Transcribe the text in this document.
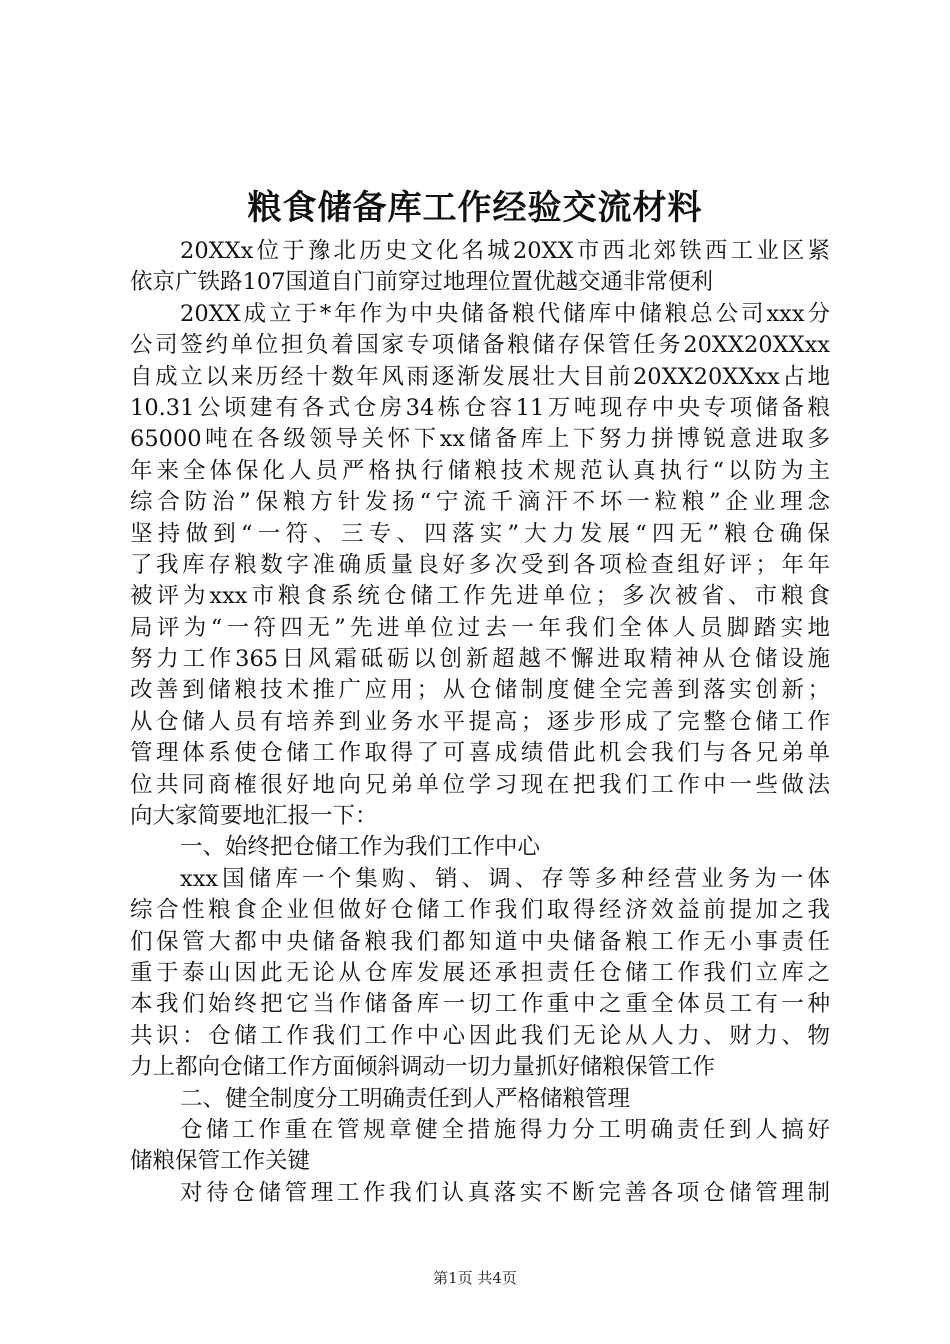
粮食储备库工作经验交流材料
20XXx位于豫北历史文化名城20XX市西北郊铁西工业区紧
依京广铁路107国道自门前穿过地理位置优越交通非常便利
20XX成立于*年作为中央储备粮代储库中储粮总公司xxx分
公司签约单位担负着国家专项储备粮储存保管任务20XX20XXxx
自成立以来历经十数年风雨逐渐发展壮大目前20XX20XXxx占地
10.31公顷建有各式仓房34栋仓容11万吨现存中央专项储备粮
65000吨在各级领导关怀下xx储备库上下努力拼博锐意进取多
年来全体保化人员严格执行储粮技术规范认真执行“以防为主
综合防治”保粮方针发扬“宁流千滴汗不坏一粒粮”企业理念
坚持做到“一符、三专、四落实”大力发展“四无”粮仓确保
了我库存粮数字准确质量良好多次受到各项检查组好评；年年
被评为xxx市粮食系统仓储工作先进单位；多次被省、市粮食
局评为“一符四无”先进单位过去一年我们全体人员脚踏实地
努力工作365日风霜砥砺以创新超越不懈进取精神从仓储设施
改善到储粮技术推广应用；从仓储制度健全完善到落实创新；
从仓储人员有培养到业务水平提高；逐步形成了完整仓储工作
管理体系使仓储工作取得了可喜成绩借此机会我们与各兄弟单
位共同商榷很好地向兄弟单位学习现在把我们工作中一些做法
向大家简要地汇报一下：
一、始终把仓储工作为我们工作中心
xxx国储库一个集购、销、调、存等多种经营业务为一体
综合性粮食企业但做好仓储工作我们取得经济效益前提加之我
们保管大都中央储备粮我们都知道中央储备粮工作无小事责任
重于泰山因此无论从仓库发展还承担责任仓储工作我们立库之
本我们始终把它当作储备库一切工作重中之重全体员工有一种
共识：仓储工作我们工作中心因此我们无论从人力、财力、物
力上都向仓储工作方面倾斜调动一切力量抓好储粮保管工作
二、健全制度分工明确责任到人严格储粮管理
仓储工作重在管规章健全措施得力分工明确责任到人搞好
储粮保管工作关键
对待仓储管理工作我们认真落实不断完善各项仓储管理制
第1页 共4页
